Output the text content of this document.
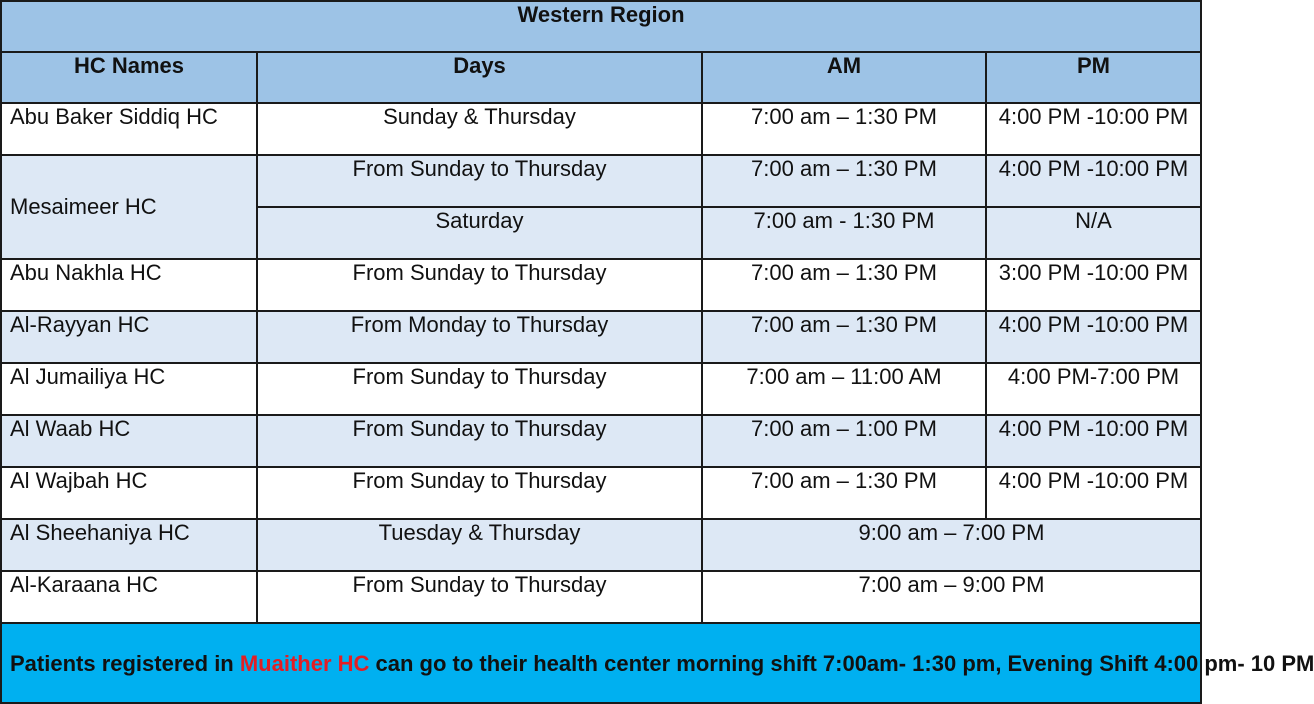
Western Region			
HC Names	Days	AM	PM
Abu Baker Siddiq HC	Sunday & Thursday	7:00 am – 1:30 PM	4:00 PM -10:00 PM
Mesaimeer HC	From Sunday to Thursday	7:00 am – 1:30 PM	4:00 PM -10:00 PM
	Saturday	7:00 am - 1:30 PM	N/A
Abu Nakhla HC	From Sunday to Thursday	7:00 am – 1:30 PM	3:00 PM -10:00 PM
Al-Rayyan HC	From Monday to Thursday	7:00 am – 1:30 PM	4:00 PM -10:00 PM
Al Jumailiya HC	From Sunday to Thursday	7:00 am – 11:00 AM	4:00 PM-7:00 PM
Al Waab HC	From Sunday to Thursday	7:00 am – 1:00 PM	4:00 PM -10:00 PM
Al Wajbah HC	From Sunday to Thursday	7:00 am – 1:30 PM	4:00 PM -10:00 PM
Al Sheehaniya HC	Tuesday & Thursday	9:00 am – 7:00 PM	
Al-Karaana HC	From Sunday to Thursday	7:00 am – 9:00 PM	
Patients registered in Muaither HC can go to their health center morning shift 7:00am- 1:30 pm, Evening Shift 4:00 pm- 10 PM			
